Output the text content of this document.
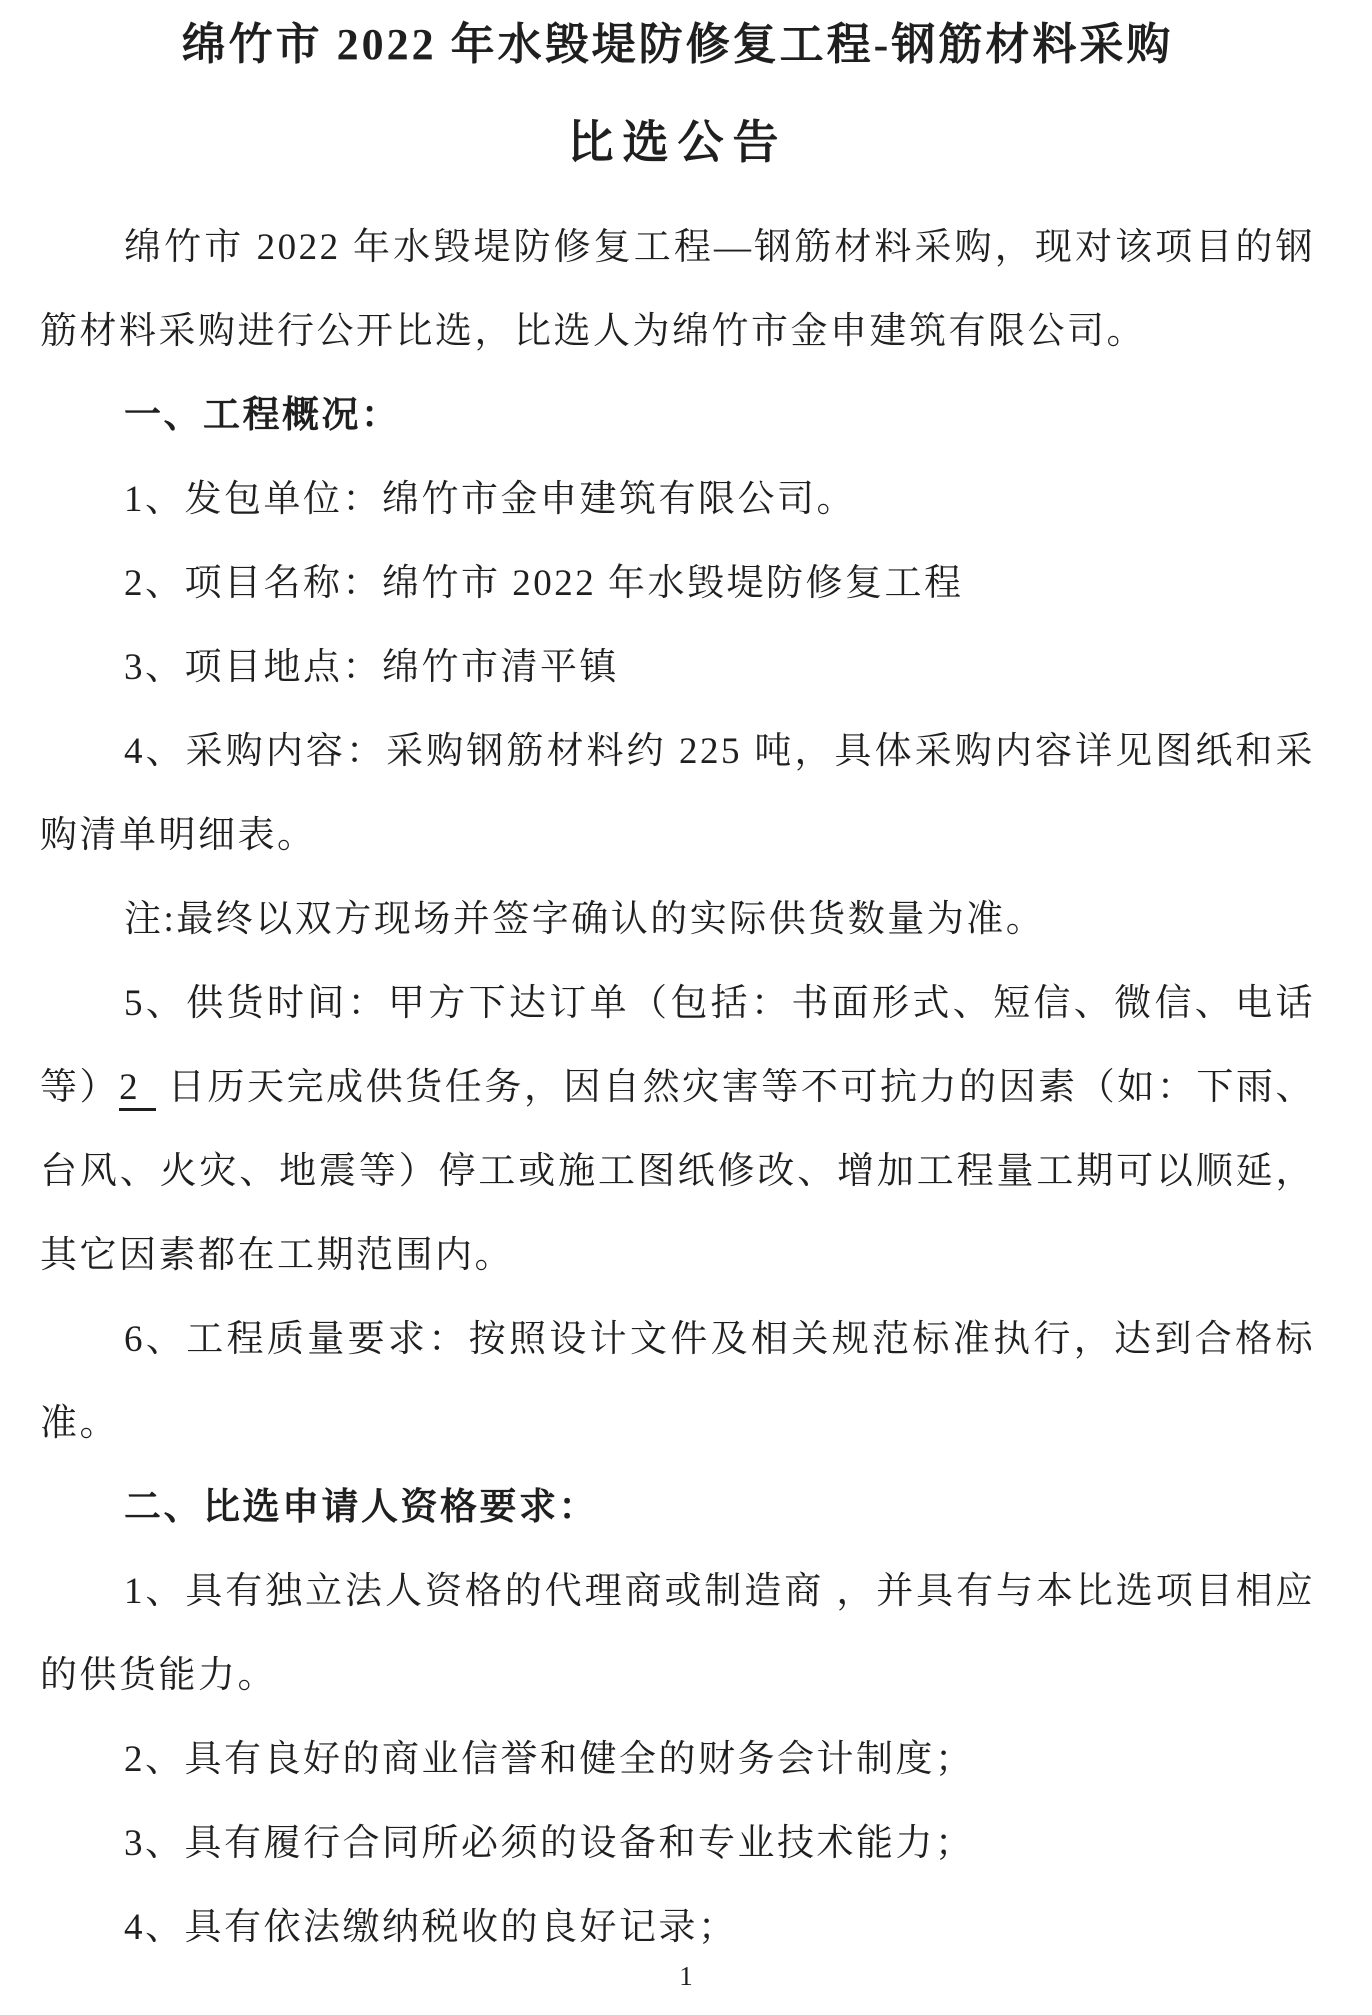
绵竹市 2022 年水毁堤防修复工程-钢筋材料采购
比选公告

绵竹市 2022 年水毁堤防修复工程—钢筋材料采购，现对该项目的钢筋材料采购进行公开比选，比选人为绵竹市金申建筑有限公司。

一、工程概况：

1、发包单位：绵竹市金申建筑有限公司。

2、项目名称：绵竹市 2022 年水毁堤防修复工程

3、项目地点：绵竹市清平镇

4、采购内容：采购钢筋材料约 225 吨，具体采购内容详见图纸和采购清单明细表。

注:最终以双方现场并签字确认的实际供货数量为准。

5、供货时间：甲方下达订单（包括：书面形式、短信、微信、电话等）2 日历天完成供货任务，因自然灾害等不可抗力的因素（如：下雨、台风、火灾、地震等）停工或施工图纸修改、增加工程量工期可以顺延，其它因素都在工期范围内。

6、工程质量要求：按照设计文件及相关规范标准执行，达到合格标准。

二、比选申请人资格要求：

1、具有独立法人资格的代理商或制造商 ，并具有与本比选项目相应的供货能力。

2、具有良好的商业信誉和健全的财务会计制度；

3、具有履行合同所必须的设备和专业技术能力；

4、具有依法缴纳税收的良好记录；

1
